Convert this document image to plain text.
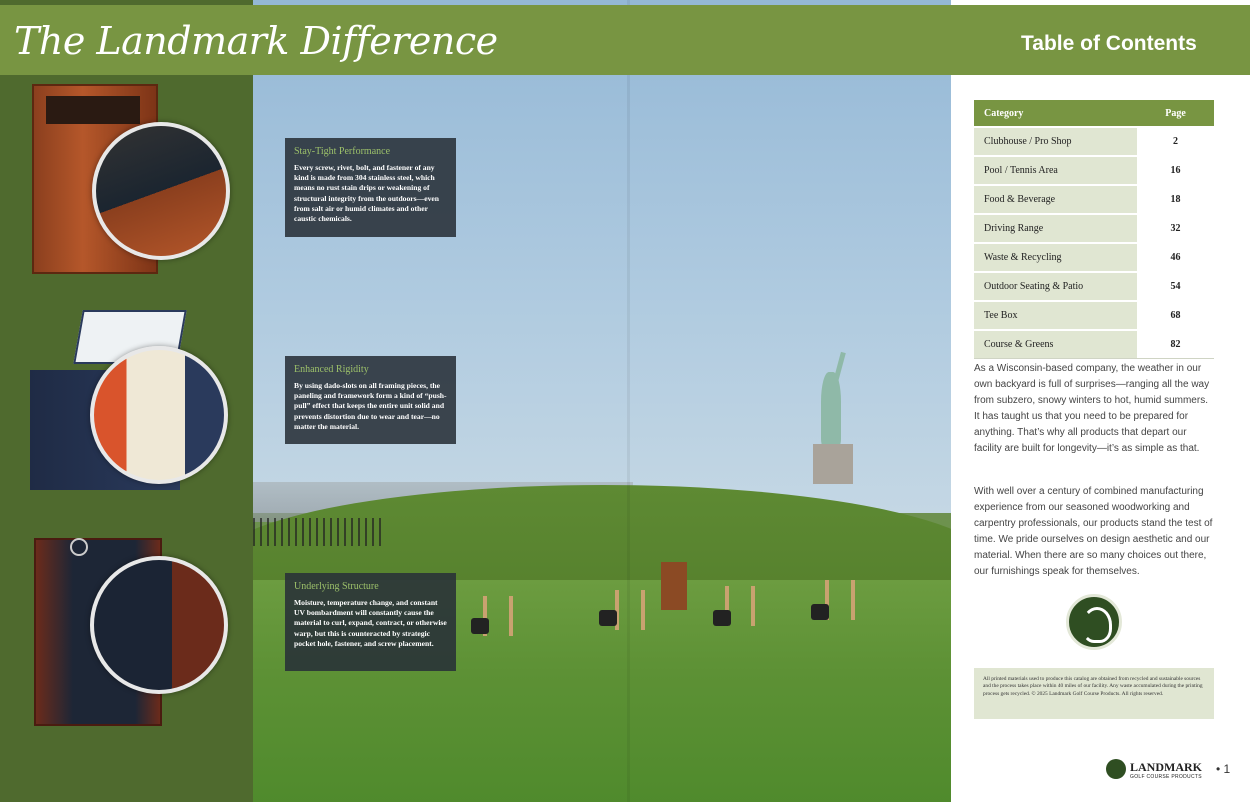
The Landmark Difference	Table of Contents
Stay-Tight Performance

Every screw, rivet, bolt, and fastener of any kind is made from 304 stainless steel, which means no rust stain drips or weakening of structural integrity from the outdoors—even from salt air or humid climates and other caustic chemicals.

Enhanced Rigidity

By using dado-slots on all framing pieces, the paneling and framework form a kind of “push-pull” effect that keeps the entire unit solid and prevents distortion due to wear and tear—no matter the material.

Underlying Structure

Moisture, temperature change, and constant UV bombardment will constantly cause the material to curl, expand, contract, or otherwise warp, but this is counteracted by strategic pocket hole, fastener, and screw placement.

Category	Page
Clubhouse / Pro Shop	2
Pool / Tennis Area	16
Food & Beverage	18
Driving Range	32
Waste & Recycling	46
Outdoor Seating & Patio	54
Tee Box	68
Course & Greens	82

As a Wisconsin-based company, the weather in our own backyard is full of surprises—ranging all the way from subzero, snowy winters to hot, humid summers. It has taught us that you need to be prepared for anything. That’s why all products that depart our facility are built for longevity—it’s as simple as that.

With well over a century of combined manufacturing experience from our seasoned woodworking and carpentry professionals, our products stand the test of time. We pride ourselves on design aesthetic and our material. When there are so many choices out there, our furnishings speak for themselves.

All printed materials used to produce this catalog are obtained from recycled and sustainable sources and the process takes place within 40 miles of our facility. Any waste accumulated during the printing process gets recycled. © 2025 Landmark Golf Course Products. All rights reserved.
LANDMARK
GOLF COURSE PRODUCTS
• 1
